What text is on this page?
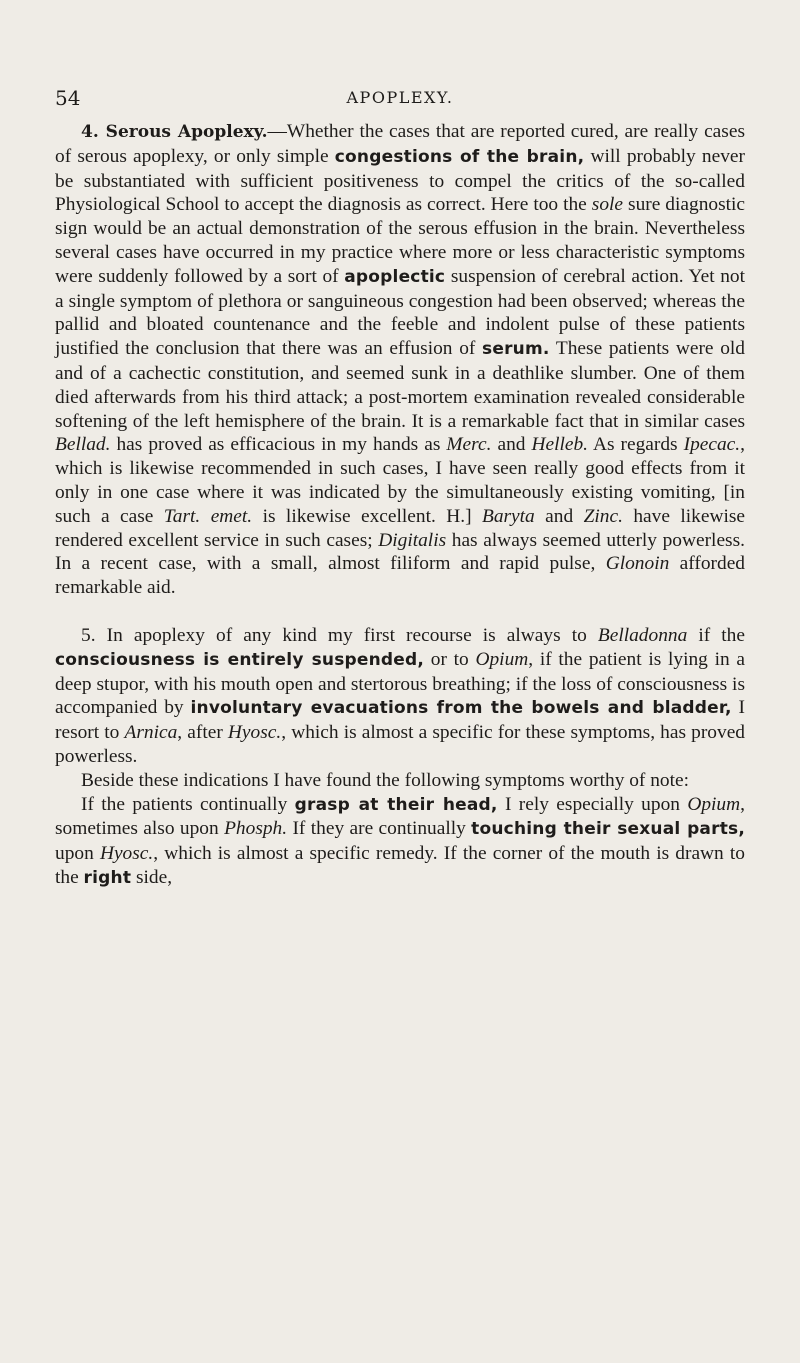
54	APOPLEXY.

4. Serous Apoplexy.—Whether the cases that are reported cured, are really cases of serous apoplexy, or only simple congestions of the brain, will probably never be substantiated with sufficient positiveness to compel the critics of the so-called Physiological School to accept the diagnosis as correct. Here too the sole sure diagnostic sign would be an actual demonstration of the serous effusion in the brain. Nevertheless several cases have occurred in my practice where more or less characteristic symptoms were suddenly followed by a sort of apoplectic suspension of cerebral action. Yet not a single symptom of plethora or sanguineous congestion had been observed; whereas the pallid and bloated countenance and the feeble and indolent pulse of these patients justified the conclusion that there was an effusion of serum. These patients were old and of a cachectic constitution, and seemed sunk in a deathlike slumber. One of them died afterwards from his third attack; a post-mortem examination revealed considerable softening of the left hemisphere of the brain. It is a remarkable fact that in similar cases Bellad. has proved as efficacious in my hands as Merc. and Helleb. As regards Ipecac., which is likewise recommended in such cases, I have seen really good effects from it only in one case where it was indicated by the simultaneously existing vomiting, [in such a case Tart. emet. is likewise excellent. H.] Baryta and Zinc. have likewise rendered excellent service in such cases; Digitalis has always seemed utterly powerless. In a recent case, with a small, almost filiform and rapid pulse, Glonoin afforded remarkable aid.

5. In apoplexy of any kind my first recourse is always to Belladonna if the consciousness is entirely suspended, or to Opium, if the patient is lying in a deep stupor, with his mouth open and stertorous breathing; if the loss of consciousness is accompanied by involuntary evacuations from the bowels and bladder, I resort to Arnica, after Hyosc., which is almost a specific for these symptoms, has proved powerless.

Beside these indications I have found the following symptoms worthy of note:

If the patients continually grasp at their head, I rely especially upon Opium, sometimes also upon Phosph. If they are continually touching their sexual parts, upon Hyosc., which is almost a specific remedy. If the corner of the mouth is drawn to the right side,
